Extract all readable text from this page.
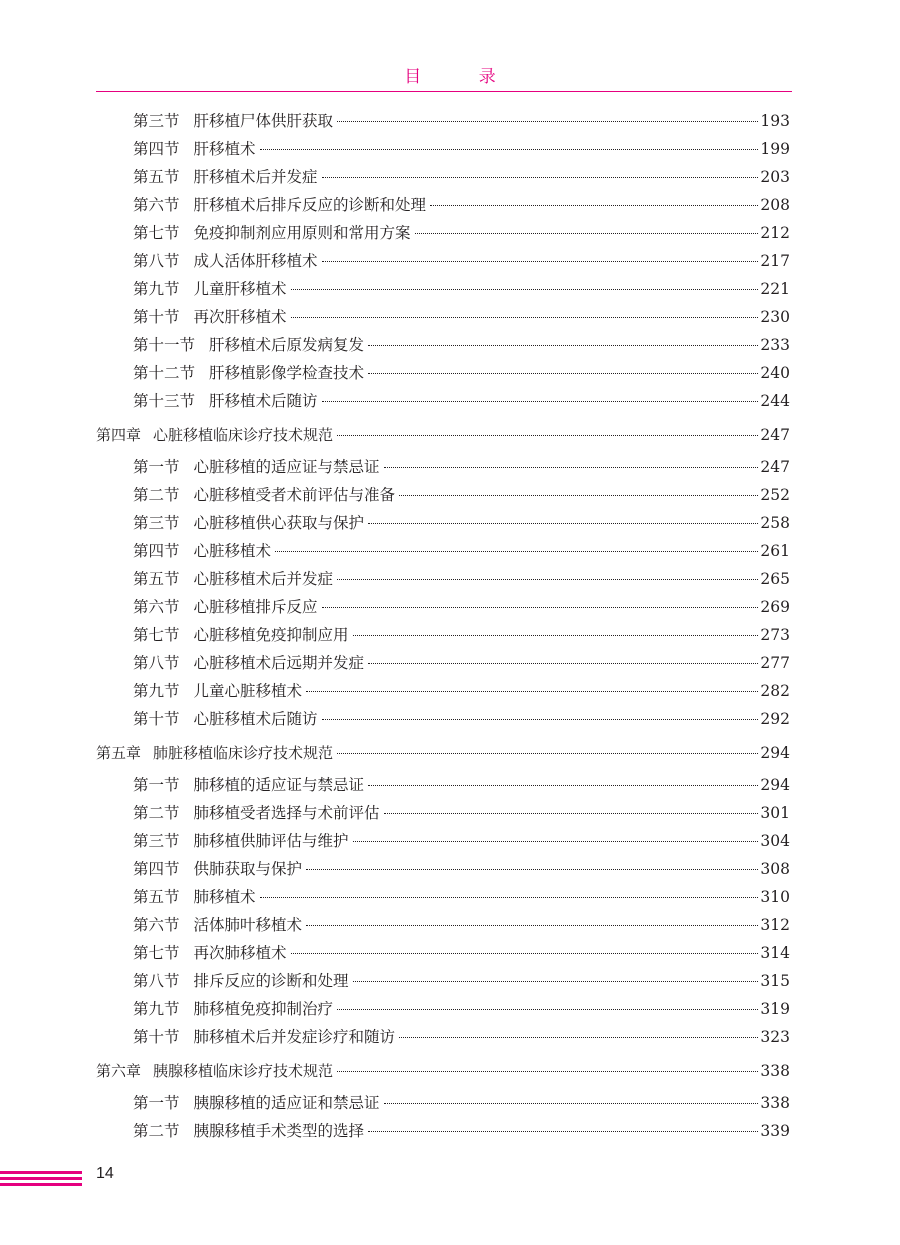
目 录
第三节 肝移植尸体供肝获取	193
第四节 肝移植术	199
第五节 肝移植术后并发症	203
第六节 肝移植术后排斥反应的诊断和处理	208
第七节 免疫抑制剂应用原则和常用方案	212
第八节 成人活体肝移植术	217
第九节 儿童肝移植术	221
第十节 再次肝移植术	230
第十一节 肝移植术后原发病复发	233
第十二节 肝移植影像学检查技术	240
第十三节 肝移植术后随访	244
第四章 心脏移植临床诊疗技术规范	247
第一节 心脏移植的适应证与禁忌证	247
第二节 心脏移植受者术前评估与准备	252
第三节 心脏移植供心获取与保护	258
第四节 心脏移植术	261
第五节 心脏移植术后并发症	265
第六节 心脏移植排斥反应	269
第七节 心脏移植免疫抑制应用	273
第八节 心脏移植术后远期并发症	277
第九节 儿童心脏移植术	282
第十节 心脏移植术后随访	292
第五章 肺脏移植临床诊疗技术规范	294
第一节 肺移植的适应证与禁忌证	294
第二节 肺移植受者选择与术前评估	301
第三节 肺移植供肺评估与维护	304
第四节 供肺获取与保护	308
第五节 肺移植术	310
第六节 活体肺叶移植术	312
第七节 再次肺移植术	314
第八节 排斥反应的诊断和处理	315
第九节 肺移植免疫抑制治疗	319
第十节 肺移植术后并发症诊疗和随访	323
第六章 胰腺移植临床诊疗技术规范	338
第一节 胰腺移植的适应证和禁忌证	338
第二节 胰腺移植手术类型的选择	339
14
